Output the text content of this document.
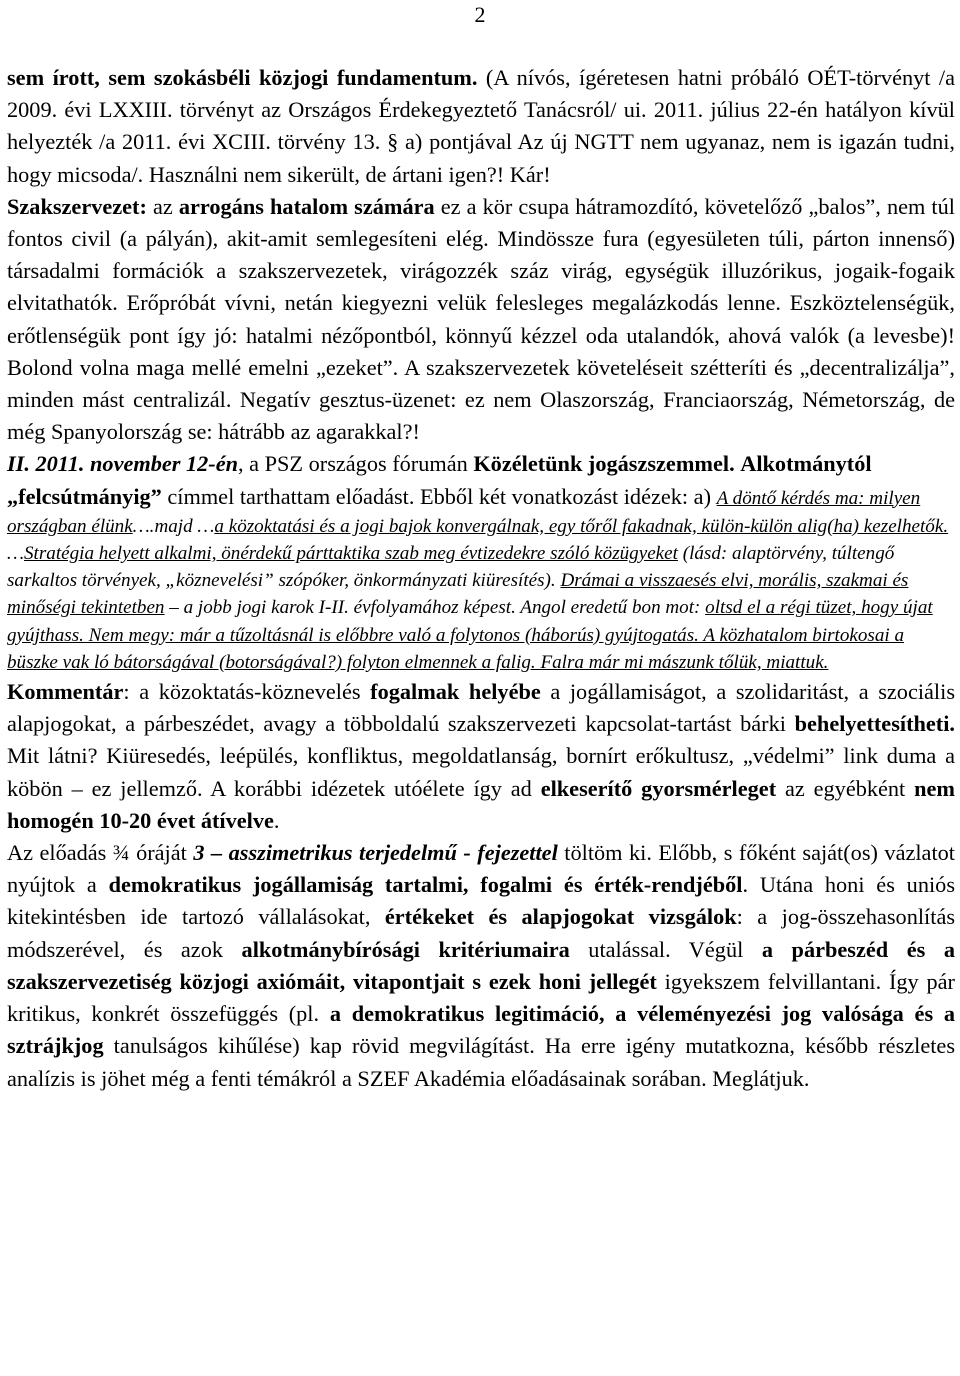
2

sem írott, sem szokásbéli közjogi fundamentum. (A nívós, ígéretesen hatni próbáló OÉT-törvényt /a 2009. évi LXXIII. törvényt az Országos Érdekegyeztető Tanácsról/ ui. 2011. július 22-én hatályon kívül helyezték /a 2011. évi XCIII. törvény 13. § a) pontjával Az új NGTT nem ugyanaz, nem is igazán tudni, hogy micsoda/. Használni nem sikerült, de ártani igen?! Kár!

Szakszervezet: az arrogáns hatalom számára ez a kör csupa hátramozdító, követelőző „balos”, nem túl fontos civil (a pályán), akit-amit semlegesíteni elég. Mindössze fura (egyesületen túli, párton innenső) társadalmi formációk a szakszervezetek, virágozzék száz virág, egységük illuzórikus, jogaik-fogaik elvitathatók. Erőpróbát vívni, netán kiegyezni velük felesleges megalázkodás lenne. Eszköztelenségük, erőtlenségük pont így jó: hatalmi nézőpontból, könnyű kézzel oda utalandók, ahová valók (a levesbe)! Bolond volna maga mellé emelni „ezeket”. A szakszervezetek követeléseit szétteríti és „decentralizálja”, minden mást centralizál. Negatív gesztus-üzenet: ez nem Olaszország, Franciaország, Németország, de még Spanyolország se: hátrább az agarakkal?!

II. 2011. november 12-én, a PSZ országos fórumán Közéletünk jogászszemmel. Alkotmánytól „felcsútmányig” címmel tarthattam előadást. Ebből két vonatkozást idézek: a) A döntő kérdés ma: milyen országban élünk….majd …a közoktatási és a jogi bajok konvergálnak, egy tőről fakadnak, külön-külön alig(ha) kezelhetők. …Stratégia helyett alkalmi, önérdekű párttaktika szab meg évtizedekre szóló közügyeket (lásd: alaptörvény, túltengő sarkaltos törvények, „köznevelési” szópóker, önkormányzati kiüresítés). Drámai a visszaesés elvi, morális, szakmai és minőségi tekintetben – a jobb jogi karok I-II. évfolyamához képest. Angol eredetű bon mot: oltsd el a régi tüzet, hogy újat gyújthass. Nem megy: már a tűzoltásnál is előbbre való a folytonos (háborús) gyújtogatás. A közhatalom birtokosai a büszke vak ló bátorságával (botorságával?) folyton elmennek a falig. Falra már mi mászunk tőlük, miattuk.

Kommentár: a közoktatás-köznevelés fogalmak helyébe a jogállamiságot, a szolidaritást, a szociális alapjogokat, a párbeszédet, avagy a többoldalú szakszervezeti kapcsolat-tartást bárki behelyettesítheti. Mit látni? Kiüresedés, leépülés, konfliktus, megoldatlanság, bornírt erőkultusz, „védelmi” link duma a köbön – ez jellemző. A korábbi idézetek utóélete így ad elkeserítő gyorsmérleget az egyébként nem homogén 10-20 évet átívelve.

Az előadás ¾ óráját 3 – asszimetrikus terjedelmű - fejezettel töltöm ki. Előbb, s főként saját(os) vázlatot nyújtok a demokratikus jogállamiság tartalmi, fogalmi és érték-rendjéből. Utána honi és uniós kitekintésben ide tartozó vállalásokat, értékeket és alapjogokat vizsgálok: a jog-összehasonlítás módszerével, és azok alkotmánybírósági kritériumaira utalással. Végül a párbeszéd és a szakszervezetiség közjogi axiómáit, vitapontjait s ezek honi jellegét igyekszem felvillantani. Így pár kritikus, konkrét összefüggés (pl. a demokratikus legitimáció, a véleményezési jog valósága és a sztrájkjog tanulságos kihűlése) kap rövid megvilágítást. Ha erre igény mutatkozna, később részletes analízis is jöhet még a fenti témákról a SZEF Akadémia előadásainak sorában. Meglátjuk.
